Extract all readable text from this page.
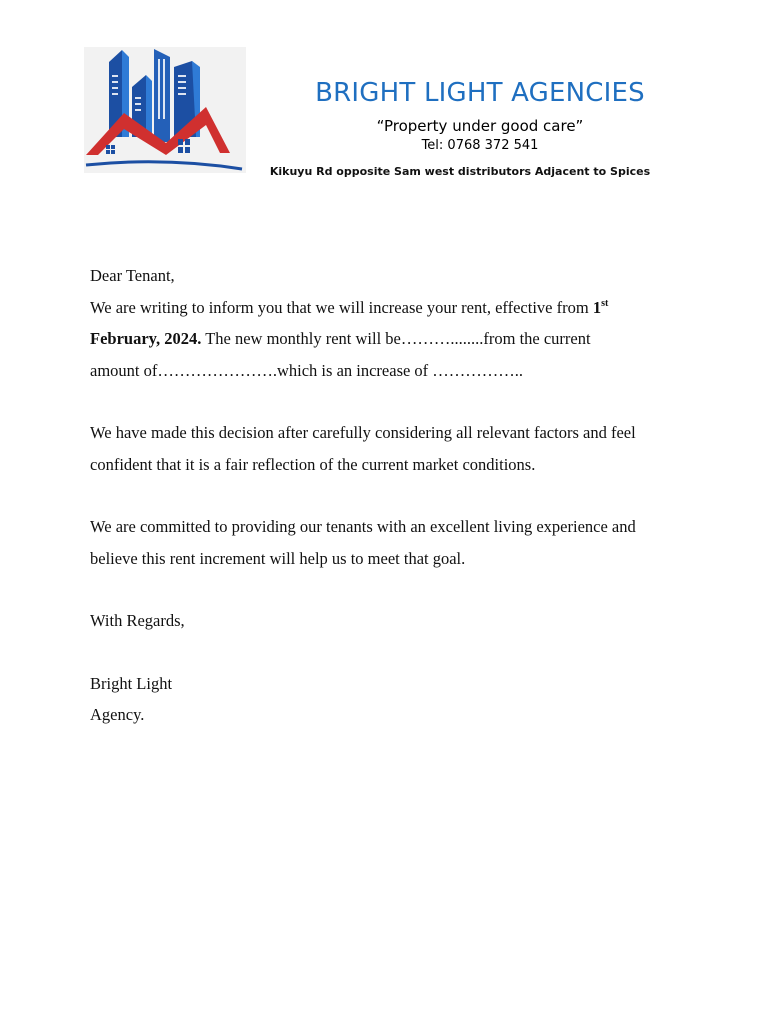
BRIGHT LIGHT AGENCIES
“Property under good care”
Tel: 0768 372 541
Kikuyu Rd opposite Sam west distributors Adjacent to Spices

Dear Tenant,

We are writing to inform you that we will increase your rent, effective from 1st

February, 2024. The new monthly rent will be………........from the current

amount of………………….which is an increase of ……………..

We have made this decision after carefully considering all relevant factors and feel

confident that it is a fair reflection of the current market conditions.

We are committed to providing our tenants with an excellent living experience and

believe this rent increment will help us to meet that goal.

With Regards,

Bright Light

Agency.
